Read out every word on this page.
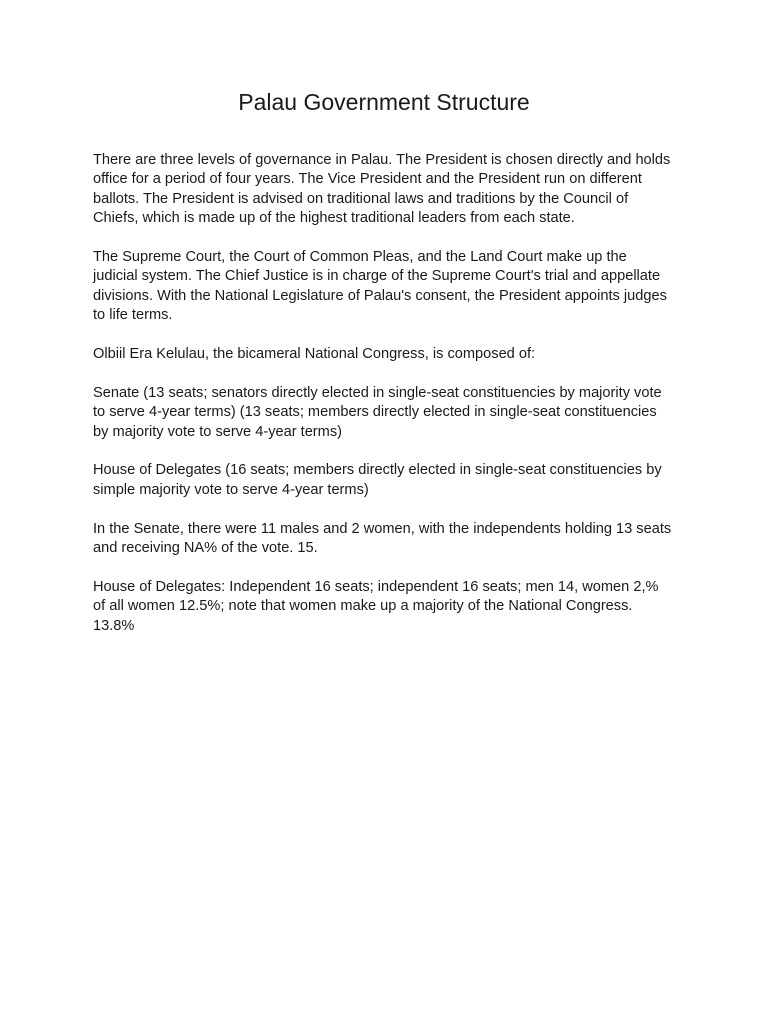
Palau Government Structure

There are three levels of governance in Palau. The President is chosen directly and holds office for a period of four years. The Vice President and the President run on different ballots. The President is advised on traditional laws and traditions by the Council of Chiefs, which is made up of the highest traditional leaders from each state.

The Supreme Court, the Court of Common Pleas, and the Land Court make up the judicial system. The Chief Justice is in charge of the Supreme Court's trial and appellate divisions. With the National Legislature of Palau's consent, the President appoints judges to life terms.

Olbiil Era Kelulau, the bicameral National Congress, is composed of:

Senate (13 seats; senators directly elected in single-seat constituencies by majority vote to serve 4-year terms) (13 seats; members directly elected in single-seat constituencies by majority vote to serve 4-year terms)

House of Delegates (16 seats; members directly elected in single-seat constituencies by simple majority vote to serve 4-year terms)

In the Senate, there were 11 males and 2 women, with the independents holding 13 seats and receiving NA% of the vote. 15.

House of Delegates: Independent 16 seats; independent 16 seats; men 14, women 2,% of all women 12.5%; note that women make up a majority of the National Congress. 13.8%
